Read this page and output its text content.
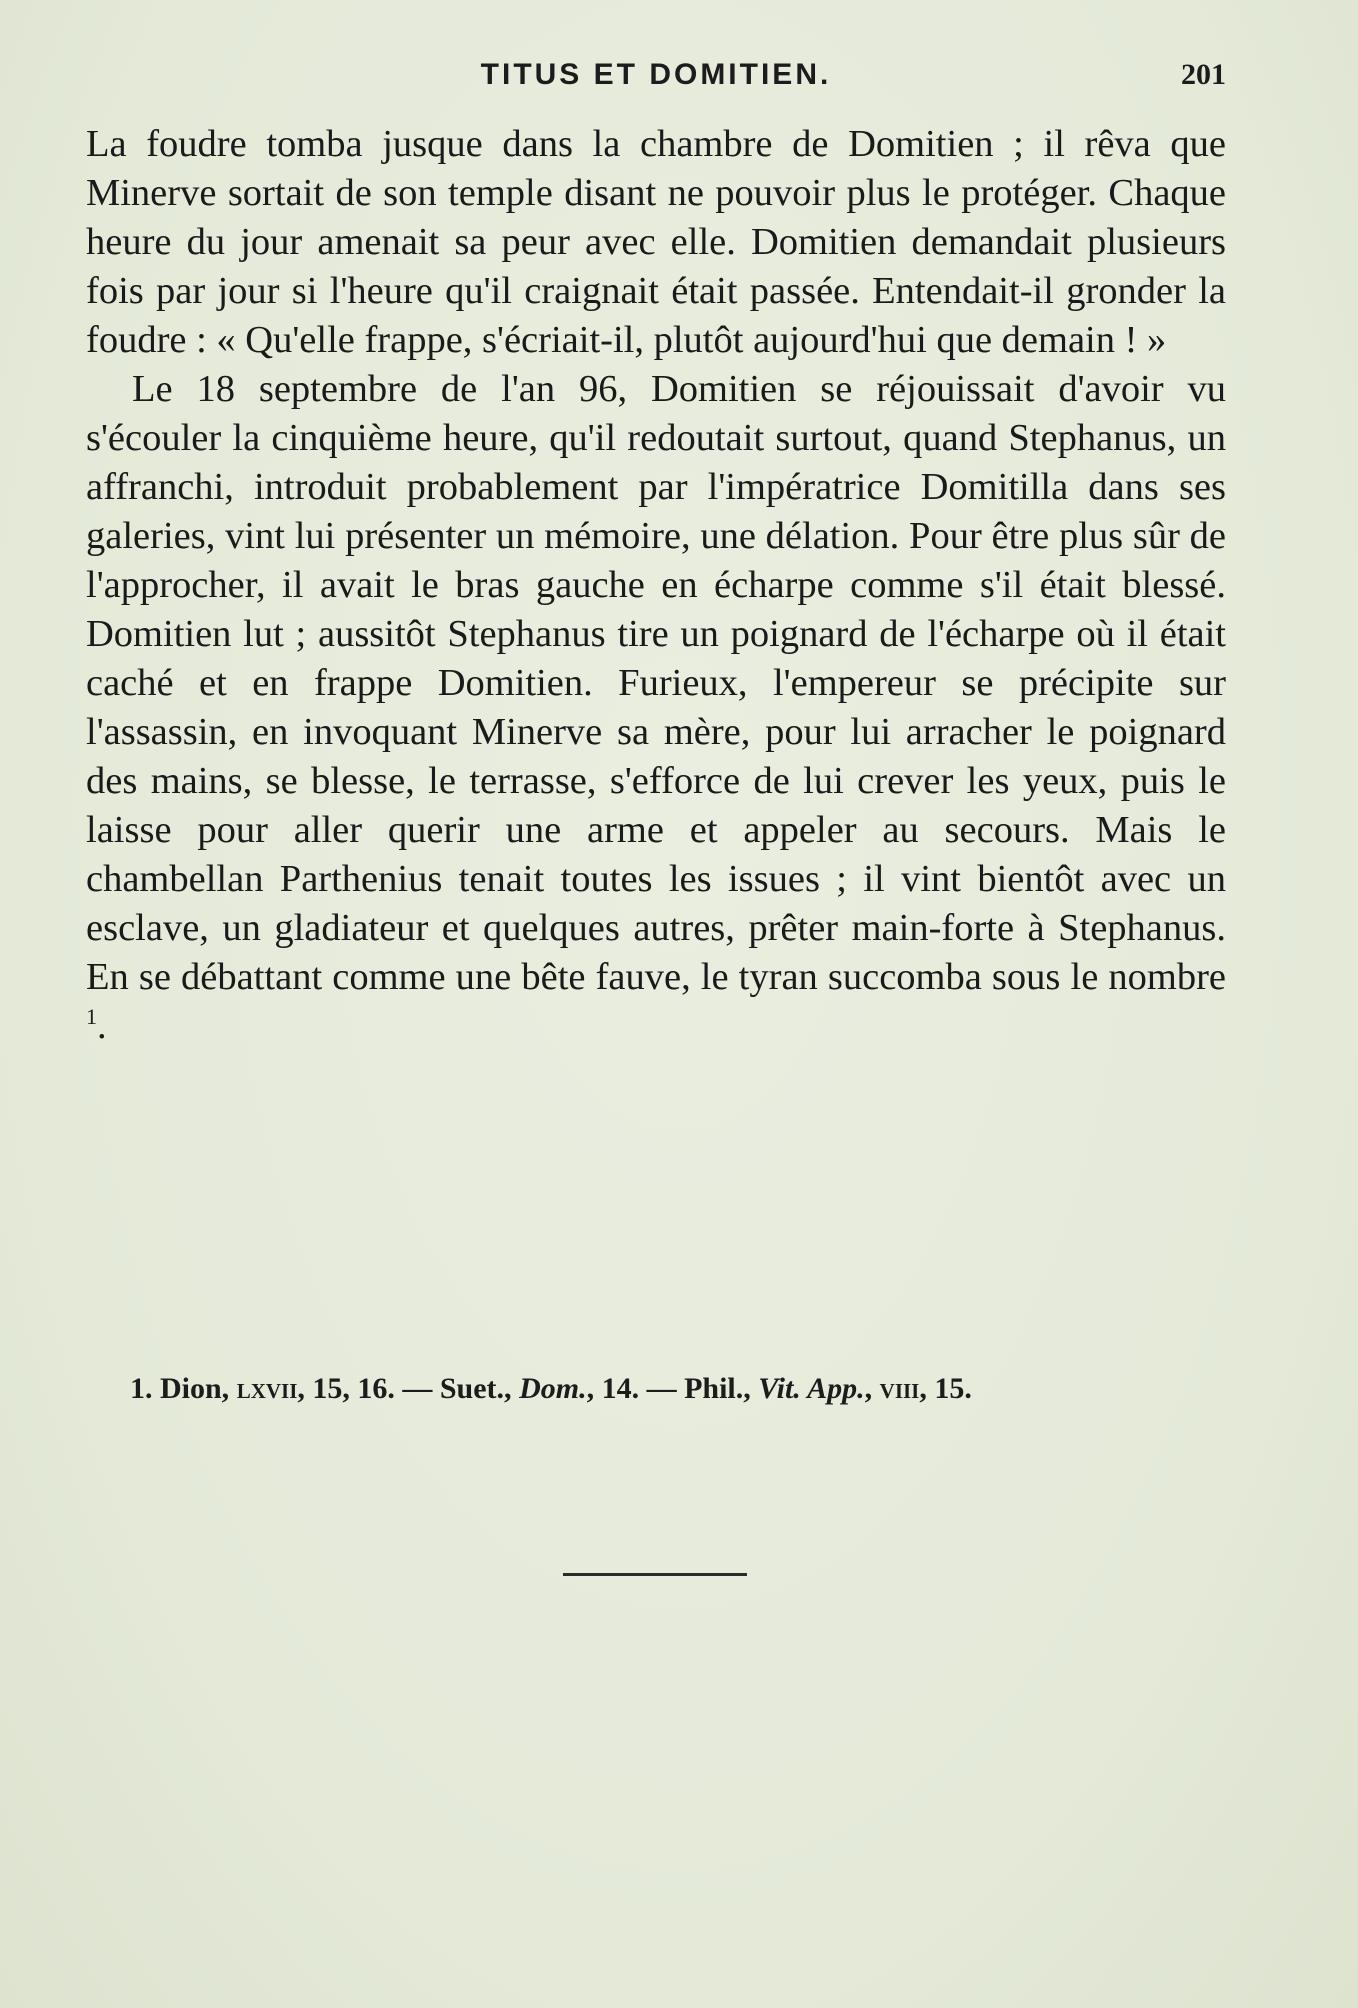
TITUS ET DOMITIEN.	201

La foudre tomba jusque dans la chambre de Domitien ; il rêva que Minerve sortait de son temple disant ne pouvoir plus le protéger. Chaque heure du jour amenait sa peur avec elle. Domitien demandait plusieurs fois par jour si l'heure qu'il craignait était passée. Entendait-il gronder la foudre : « Qu'elle frappe, s'écriait-il, plutôt aujourd'hui que demain ! »

Le 18 septembre de l'an 96, Domitien se réjouissait d'avoir vu s'écouler la cinquième heure, qu'il redoutait surtout, quand Stephanus, un affranchi, introduit probablement par l'impératrice Domitilla dans ses galeries, vint lui présenter un mémoire, une délation. Pour être plus sûr de l'approcher, il avait le bras gauche en écharpe comme s'il était blessé. Domitien lut ; aussitôt Stephanus tire un poignard de l'écharpe où il était caché et en frappe Domitien. Furieux, l'empereur se précipite sur l'assassin, en invoquant Minerve sa mère, pour lui arracher le poignard des mains, se blesse, le terrasse, s'efforce de lui crever les yeux, puis le laisse pour aller querir une arme et appeler au secours. Mais le chambellan Parthenius tenait toutes les issues ; il vint bientôt avec un esclave, un gladiateur et quelques autres, prêter main-forte à Stephanus. En se débattant comme une bête fauve, le tyran succomba sous le nombre $^1$.

1. Dion, lxvii, 15, 16. — Suet., Dom., 14. — Phil., Vit. App., viii, 15.
